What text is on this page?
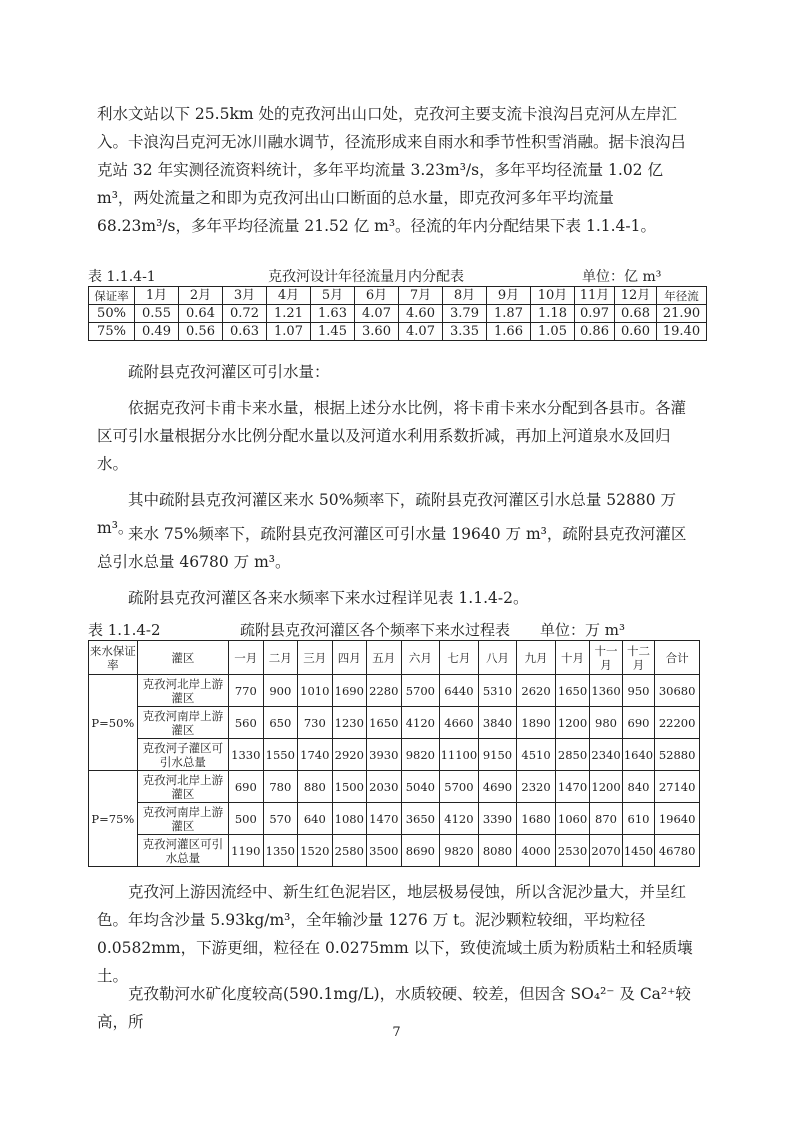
利水文站以下 25.5km 处的克孜河出山口处，克孜河主要支流卡浪沟吕克河从左岸汇入。卡浪沟吕克河无冰川融水调节，径流形成来自雨水和季节性积雪消融。据卡浪沟吕克站 32 年实测径流资料统计，多年平均流量 3.23m³/s，多年平均径流量 1.02 亿 m³，两处流量之和即为克孜河出山口断面的总水量，即克孜河多年平均流量 68.23m³/s，多年平均径流量 21.52 亿 m³。径流的年内分配结果下表 1.1.4-1。

表 1.1.4-1	克孜河设计年径流量月内分配表	单位：亿 m³
保证率	1月	2月	3月	4月	5月	6月	7月	8月	9月	10月	11月	12月	年径流
50%	0.55	0.64	0.72	1.21	1.63	4.07	4.60	3.79	1.87	1.18	0.97	0.68	21.90
75%	0.49	0.56	0.63	1.07	1.45	3.60	4.07	3.35	1.66	1.05	0.86	0.60	19.40

疏附县克孜河灌区可引水量：

依据克孜河卡甫卡来水量，根据上述分水比例，将卡甫卡来水分配到各县市。各灌区可引水量根据分水比例分配水量以及河道水利用系数折减，再加上河道泉水及回归水。

其中疏附县克孜河灌区来水 50%频率下，疏附县克孜河灌区引水总量 52880 万 m³。

来水 75%频率下，疏附县克孜河灌区可引水量 19640 万 m³，疏附县克孜河灌区总引水总量 46780 万 m³。

疏附县克孜河灌区各来水频率下来水过程详见表 1.1.4-2。

表 1.1.4-2	疏附县克孜河灌区各个频率下来水过程表 单位：万 m³
来水保证率	灌区	一月	二月	三月	四月	五月	六月	七月	八月	九月	十月	十一月	十二月	合计
P=50%	克孜河北岸上游灌区	770	900	1010	1690	2280	5700	6440	5310	2620	1650	1360	950	30680
	克孜河南岸上游灌区	560	650	730	1230	1650	4120	4660	3840	1890	1200	980	690	22200
	克孜河子灌区可引水总量	1330	1550	1740	2920	3930	9820	11100	9150	4510	2850	2340	1640	52880
P=75%	克孜河北岸上游灌区	690	780	880	1500	2030	5040	5700	4690	2320	1470	1200	840	27140
	克孜河南岸上游灌区	500	570	640	1080	1470	3650	4120	3390	1680	1060	870	610	19640
	克孜河灌区可引水总量	1190	1350	1520	2580	3500	8690	9820	8080	4000	2530	2070	1450	46780

克孜河上游因流经中、新生红色泥岩区，地层极易侵蚀，所以含泥沙量大，并呈红色。年均含沙量 5.93kg/m³，全年输沙量 1276 万 t。泥沙颗粒较细，平均粒径 0.0582mm，下游更细，粒径在 0.0275mm 以下，致使流域土质为粉质粘土和轻质壤土。

克孜勒河水矿化度较高(590.1mg/L)，水质较硬、较差，但因含 SO₄²⁻ 及 Ca²⁺较高，所

7
